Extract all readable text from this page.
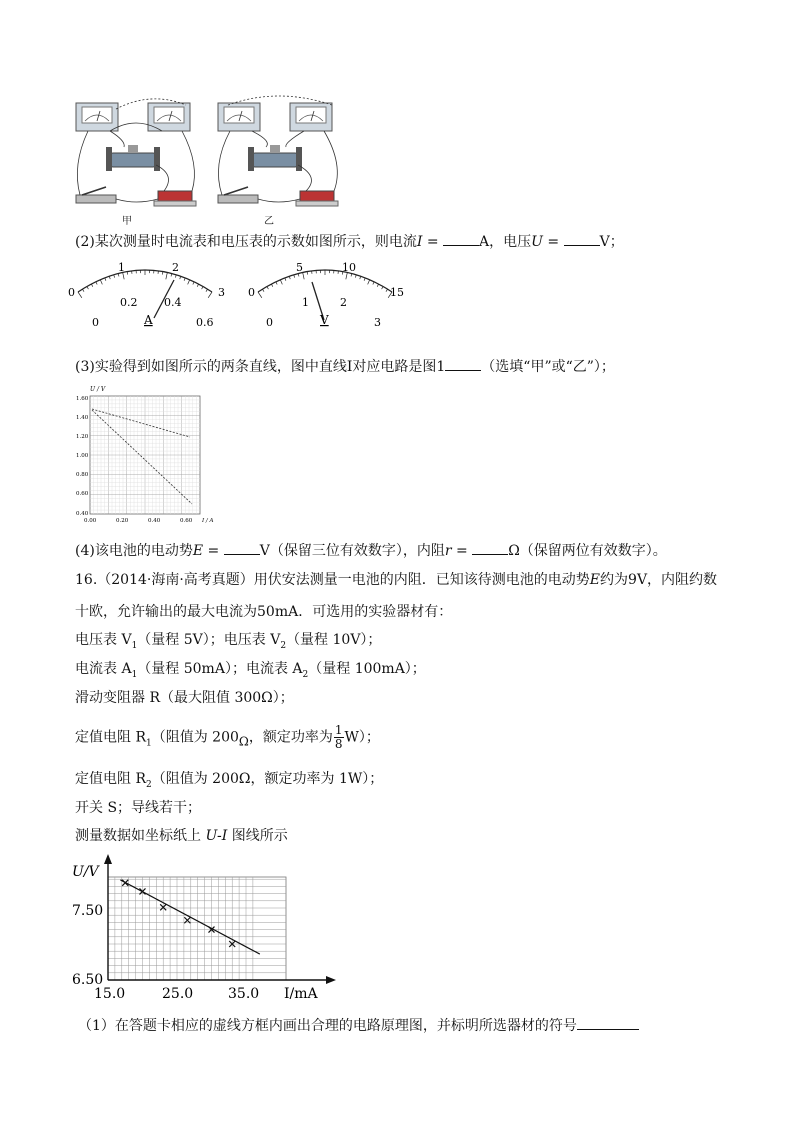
甲	乙
(2)某次测量时电流表和电压表的示数如图所示，则电流I =	A，电压U =	V；
0
1	2
3
0
0.2 0.4
0.6
A
0
5	10
15
0
1	2
3
V
(3)实验得到如图所示的两条直线，图中直线Ⅰ对应电路是图1	（选填“甲”或“乙”）；
U / V
1.60
1.40
1.20
1.00
0.80
0.60
0.40
0.00	0.20	0.40	0.60 I / A
(4)该电池的电动势E =	V（保留三位有效数字），内阻r =	Ω（保留两位有效数字）。
16.（2014·海南·高考真题）用伏安法测量一电池的内阻．已知该待测电池的电动势E约为9V，内阻约数
十欧，允许输出的最大电流为50mA．可选用的实验器材有：
电压表 $V_1$（量程 5V）；电压表 $V_2$（量程 10V）；
电流表 $A_1$（量程 50mA）；电流表 $A_2$（量程 100mA）；
滑动变阻器 R（最大阻值 300Ω）；
定值电阻 $R_1$（阻值为 $200_\Omega$，额定功率为 $\frac{1}{8} W$）；
定值电阻 $R_2$（阻值为 200Ω，额定功率为 1W）；
开关 S；导线若干；
测量数据如坐标纸上 U-I 图线所示
U/V
I/mA
7.50
6.50
15.0	25.0 35.0
（1）在答题卡相应的虚线方框内画出合理的电路原理图，并标明所选器材的符号
